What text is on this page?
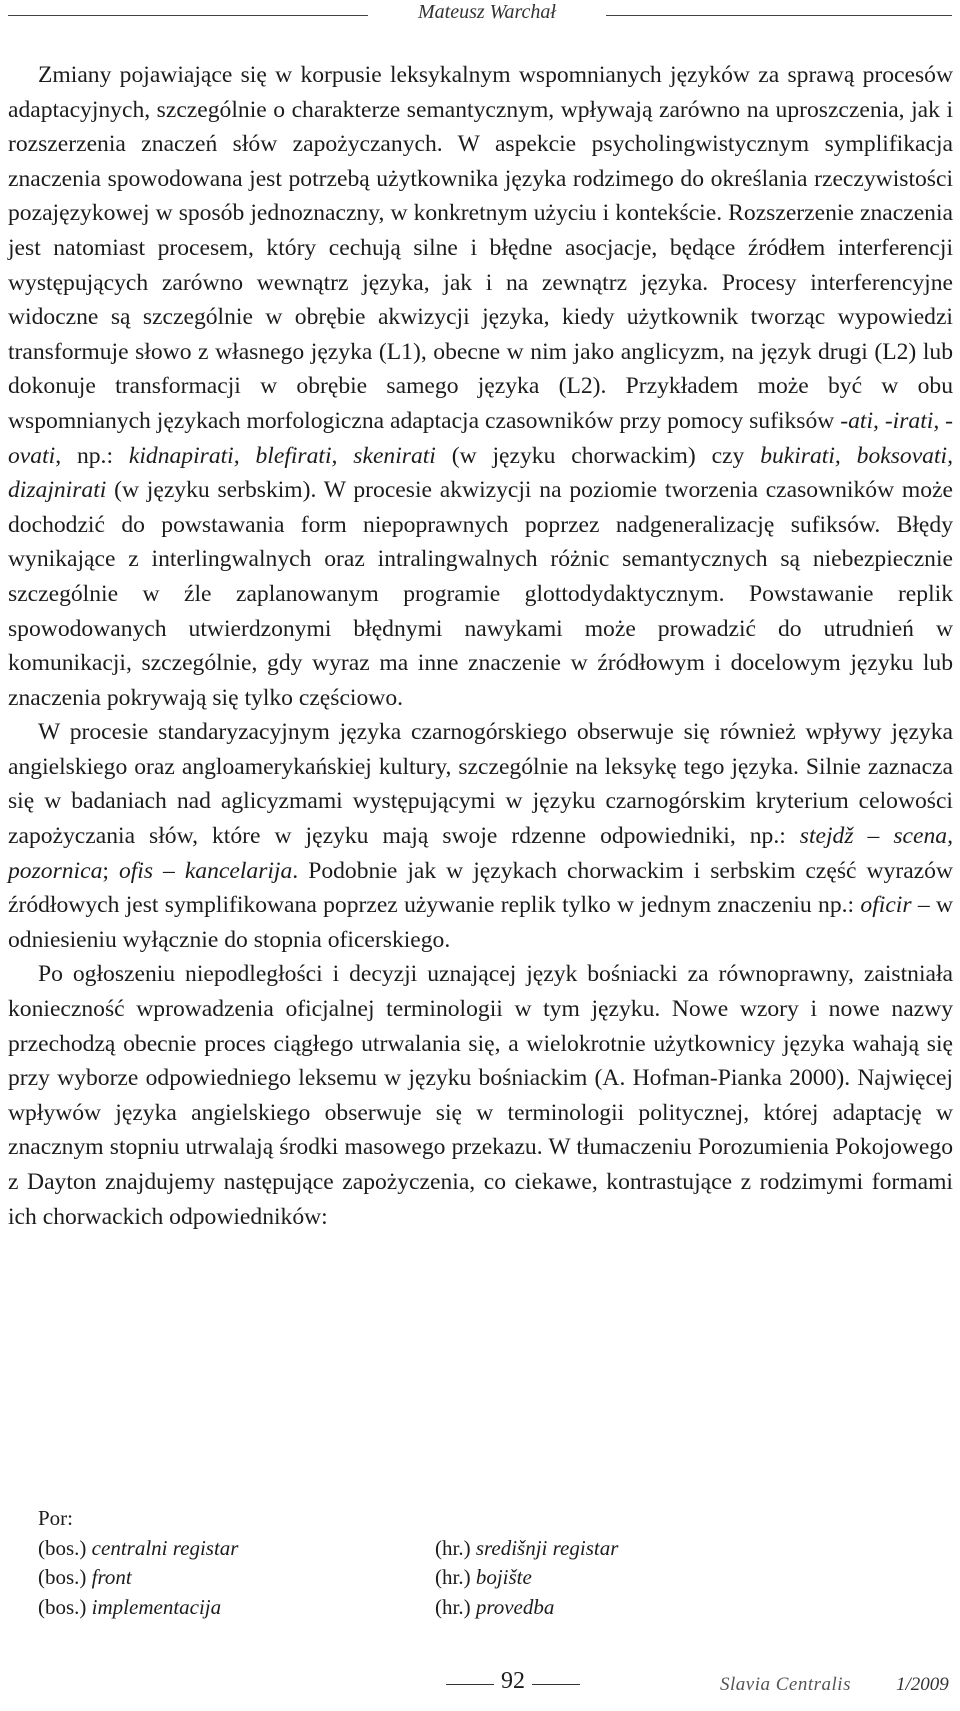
Mateusz Warchał

Zmiany pojawiające się w korpusie leksykalnym wspomnianych języków za sprawą procesów adaptacyjnych, szczególnie o charakterze semantycznym, wpływają zarówno na uproszczenia, jak i rozszerzenia znaczeń słów zapożyczanych. W aspekcie psycholingwistycznym symplifikacja znaczenia spowodowana jest potrzebą użytkownika języka rodzimego do określania rzeczywistości pozajęzykowej w sposób jednoznaczny, w konkretnym użyciu i kontekście. Rozszerzenie znaczenia jest natomiast procesem, który cechują silne i błędne asocjacje, będące źródłem interferencji występujących zarówno wewnątrz języka, jak i na zewnątrz języka. Procesy interferencyjne widoczne są szczególnie w obrębie akwizycji języka, kiedy użytkownik tworząc wypowiedzi transformuje słowo z własnego języka (L1), obecne w nim jako anglicyzm, na język drugi (L2) lub dokonuje transformacji w obrębie samego języka (L2). Przykładem może być w obu wspomnianych językach morfologiczna adaptacja czasowników przy pomocy sufiksów -ati, -irati, -ovati, np.: kidnapirati, blefirati, skenirati (w języku chorwackim) czy bukirati, boksovati, dizajnirati (w języku serbskim). W procesie akwizycji na poziomie tworzenia czasowników może dochodzić do powstawania form niepoprawnych poprzez nadgeneralizację sufiksów. Błędy wynikające z interlingwalnych oraz intralingwalnych różnic semantycznych są niebezpiecznie szczególnie w źle zaplanowanym programie glottodydaktycznym. Powstawanie replik spowodowanych utwierdzonymi błędnymi nawykami może prowadzić do utrudnień w komunikacji, szczególnie, gdy wyraz ma inne znaczenie w źródłowym i docelowym języku lub znaczenia pokrywają się tylko częściowo.

W procesie standaryzacyjnym języka czarnogórskiego obserwuje się również wpływy języka angielskiego oraz angloamerykańskiej kultury, szczególnie na leksykę tego języka. Silnie zaznacza się w badaniach nad aglicyzmami występującymi w języku czarnogórskim kryterium celowości zapożyczania słów, które w języku mają swoje rdzenne odpowiedniki, np.: stejdž – scena, pozornica; ofis – kancelarija. Podobnie jak w językach chorwackim i serbskim część wyrazów źródłowych jest symplifikowana poprzez używanie replik tylko w jednym znaczeniu np.: oficir – w odniesieniu wyłącznie do stopnia oficerskiego.

Po ogłoszeniu niepodległości i decyzji uznającej język bośniacki za równoprawny, zaistniała konieczność wprowadzenia oficjalnej terminologii w tym języku. Nowe wzory i nowe nazwy przechodzą obecnie proces ciągłego utrwalania się, a wielokrotnie użytkownicy języka wahają się przy wyborze odpowiedniego leksemu w języku bośniackim (A. Hofman-Pianka 2000). Najwięcej wpływów języka angielskiego obserwuje się w terminologii politycznej, której adaptację w znacznym stopniu utrwalają środki masowego przekazu. W tłumaczeniu Porozumienia Pokojowego z Dayton znajdujemy następujące zapożyczenia, co ciekawe, kontrastujące z rodzimymi formami ich chorwackich odpowiedników:

Por:
(bos.) centralni registar	(hr.) središnji registar
(bos.) front	(hr.) bojište
(bos.) implementacija	(hr.) provedba
92	Slavia Centralis 1/2009
